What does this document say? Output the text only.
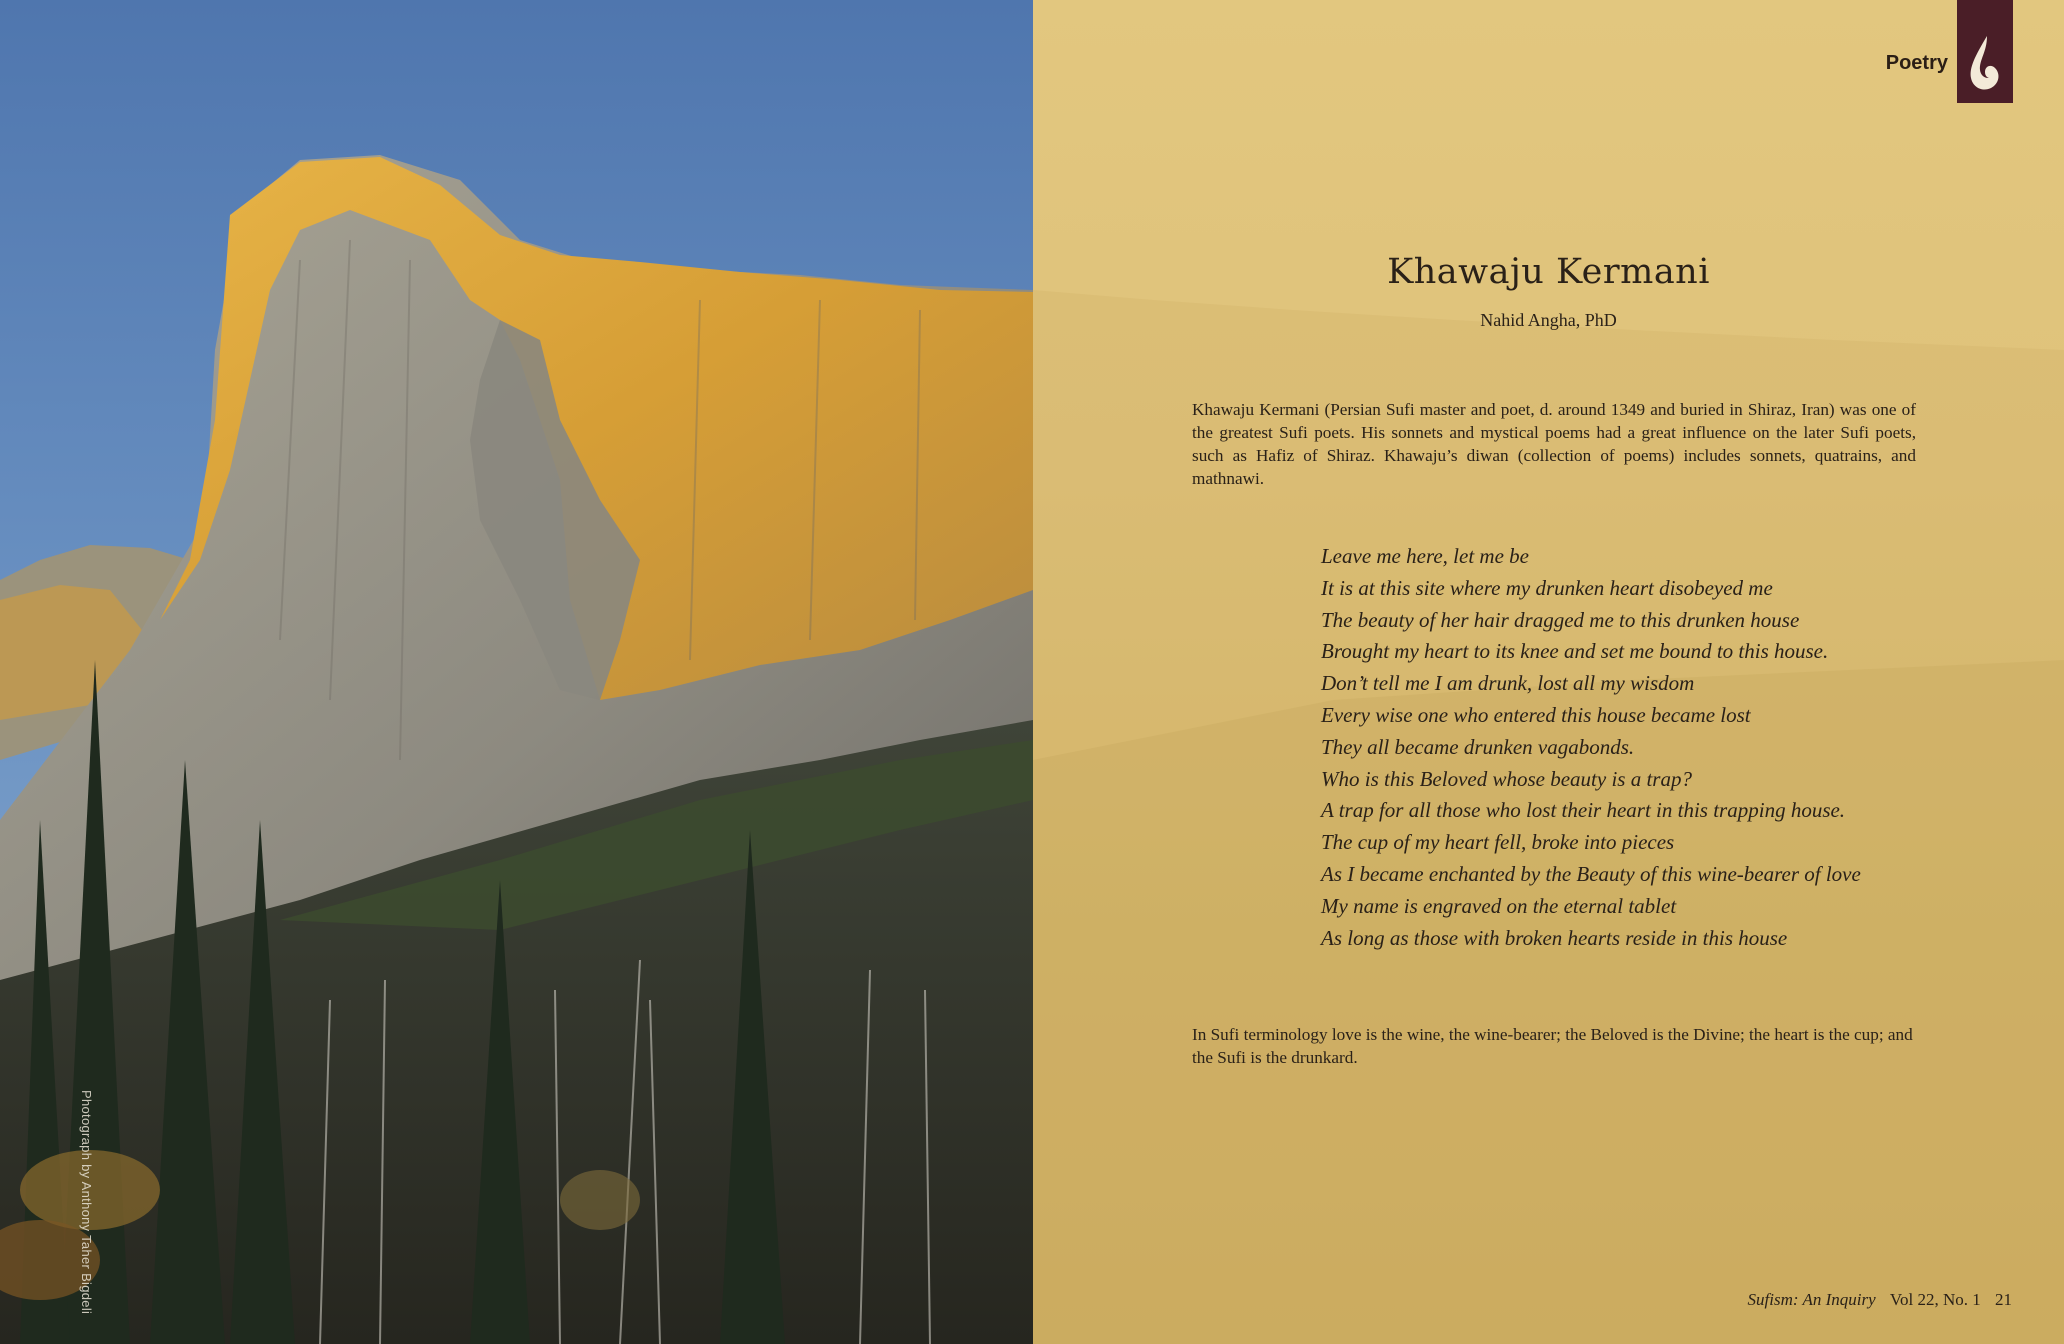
Photograph by Anthony Taher Bigdeli
Poetry
Khawaju Kermani
Nahid Angha, PhD
Khawaju Kermani (Persian Sufi master and poet, d. around 1349 and buried in Shiraz, Iran) was one of the greatest Sufi poets. His sonnets and mystical poems had a great influence on the later Sufi poets, such as Hafiz of Shiraz. Khawaju’s diwan (collection of poems) includes sonnets, quatrains, and mathnawi.
Leave me here, let me be
It is at this site where my drunken heart disobeyed me
The beauty of her hair dragged me to this drunken house
Brought my heart to its knee and set me bound to this house.
Don’t tell me I am drunk, lost all my wisdom
Every wise one who entered this house became lost
They all became drunken vagabonds.
Who is this Beloved whose beauty is a trap?
A trap for all those who lost their heart in this trapping house.
The cup of my heart fell, broke into pieces
As I became enchanted by the Beauty of this wine-bearer of love
My name is engraved on the eternal tablet
As long as those with broken hearts reside in this house
In Sufi terminology love is the wine, the wine-bearer; the Beloved is the Divine; the heart is the cup; and the Sufi is the drunkard.
Sufism: An Inquiry Vol 22, No. 1 21
